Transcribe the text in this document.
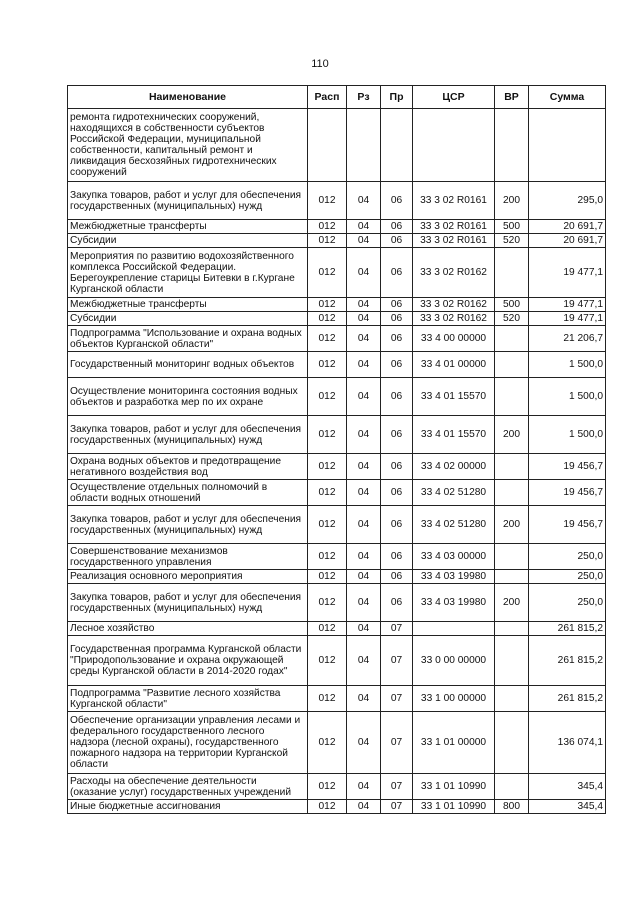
110
Наименование	Расп	Рз	Пр	ЦСР	ВР	Сумма
ремонта гидротехнических сооружений, находящихся в собственности субъектов Российской Федерации, муниципальной собственности, капитальный ремонт и ликвидация бесхозяйных гидротехнических сооружений						
Закупка товаров, работ и услуг для обеспечения государственных (муниципальных) нужд	012	04	06	33 3 02 R0161	200	295,0
Межбюджетные трансферты	012	04	06	33 3 02 R0161	500	20 691,7
Субсидии	012	04	06	33 3 02 R0161	520	20 691,7
Мероприятия по развитию водохозяйственного комплекса Российской Федерации. Берегоукрепление старицы Битевки в г.Кургане Курганской области	012	04	06	33 3 02 R0162		19 477,1
Межбюджетные трансферты	012	04	06	33 3 02 R0162	500	19 477,1
Субсидии	012	04	06	33 3 02 R0162	520	19 477,1
Подпрограмма "Использование и охрана водных объектов Курганской области"	012	04	06	33 4 00 00000		21 206,7
Государственный мониторинг водных объектов	012	04	06	33 4 01 00000		1 500,0
Осуществление мониторинга состояния водных объектов и разработка мер по их охране	012	04	06	33 4 01 15570		1 500,0
Закупка товаров, работ и услуг для обеспечения государственных (муниципальных) нужд	012	04	06	33 4 01 15570	200	1 500,0
Охрана водных объектов и предотвращение негативного воздействия вод	012	04	06	33 4 02 00000		19 456,7
Осуществление отдельных полномочий в области водных отношений	012	04	06	33 4 02 51280		19 456,7
Закупка товаров, работ и услуг для обеспечения государственных (муниципальных) нужд	012	04	06	33 4 02 51280	200	19 456,7
Совершенствование механизмов государственного управления	012	04	06	33 4 03 00000		250,0
Реализация основного мероприятия	012	04	06	33 4 03 19980		250,0
Закупка товаров, работ и услуг для обеспечения государственных (муниципальных) нужд	012	04	06	33 4 03 19980	200	250,0
Лесное хозяйство	012	04	07			261 815,2
Государственная программа Курганской области "Природопользование и охрана окружающей среды Курганской области в 2014-2020 годах"	012	04	07	33 0 00 00000		261 815,2
Подпрограмма "Развитие лесного хозяйства Курганской области"	012	04	07	33 1 00 00000		261 815,2
Обеспечение организации управления лесами и федерального государственного лесного надзора (лесной охраны), государственного пожарного надзора на территории Курганской области	012	04	07	33 1 01 00000		136 074,1
Расходы на обеспечение деятельности (оказание услуг) государственных учреждений	012	04	07	33 1 01 10990		345,4
Иные бюджетные ассигнования	012	04	07	33 1 01 10990	800	345,4
